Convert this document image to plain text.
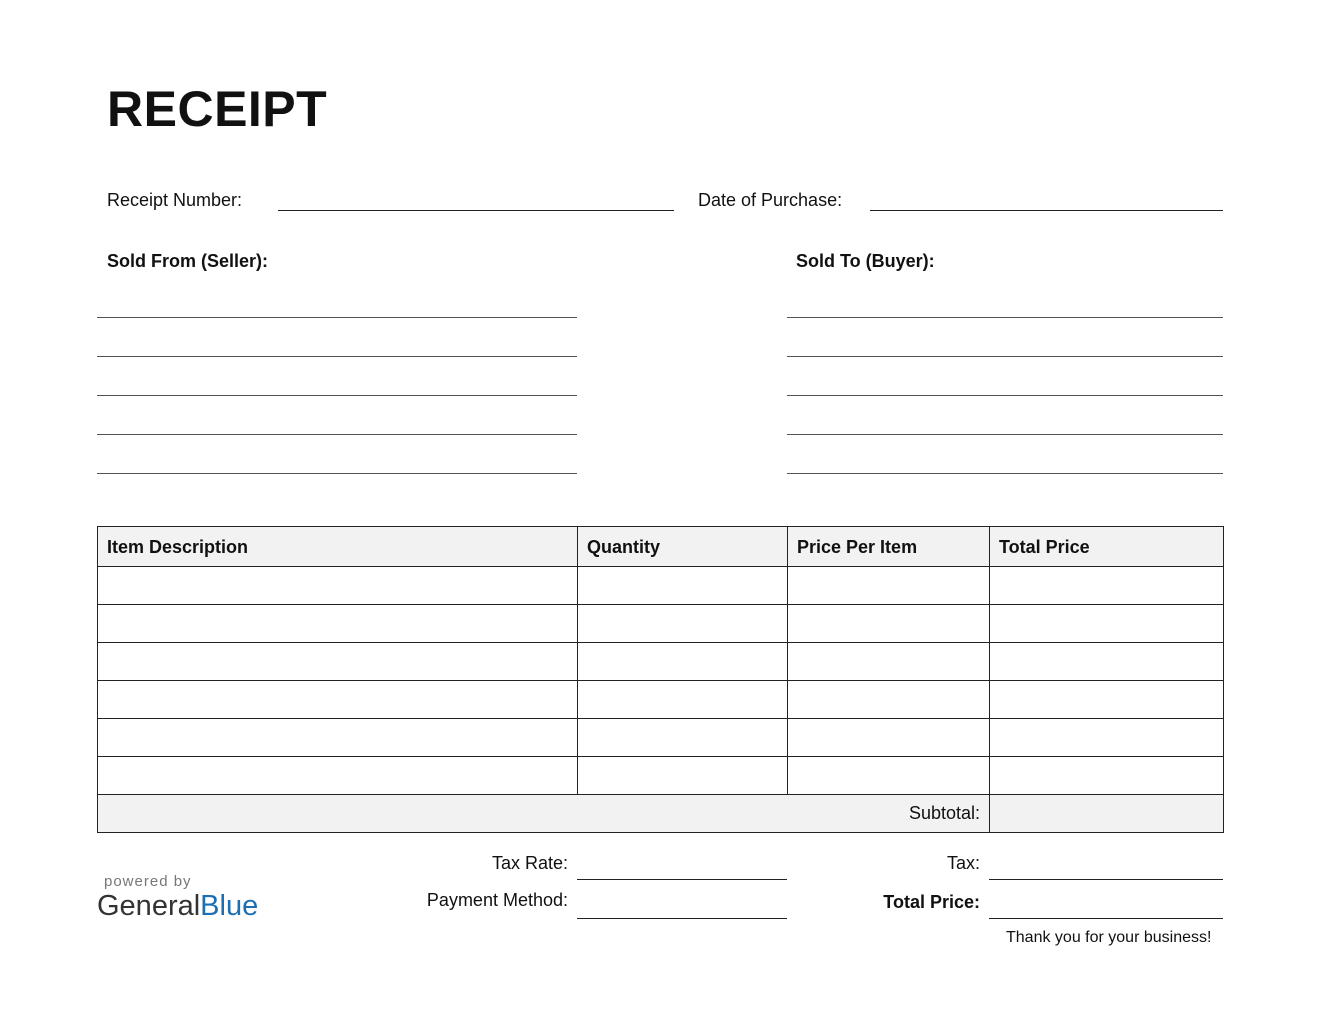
RECEIPT
Receipt Number:	Date of Purchase:
Sold From (Seller):	Sold To (Buyer):
Item Description	Quantity	Price Per Item	Total Price

Subtotal:			
Tax Rate:
Payment Method:
Tax:
Total Price:
powered by
GeneralBlue
Thank you for your business!
